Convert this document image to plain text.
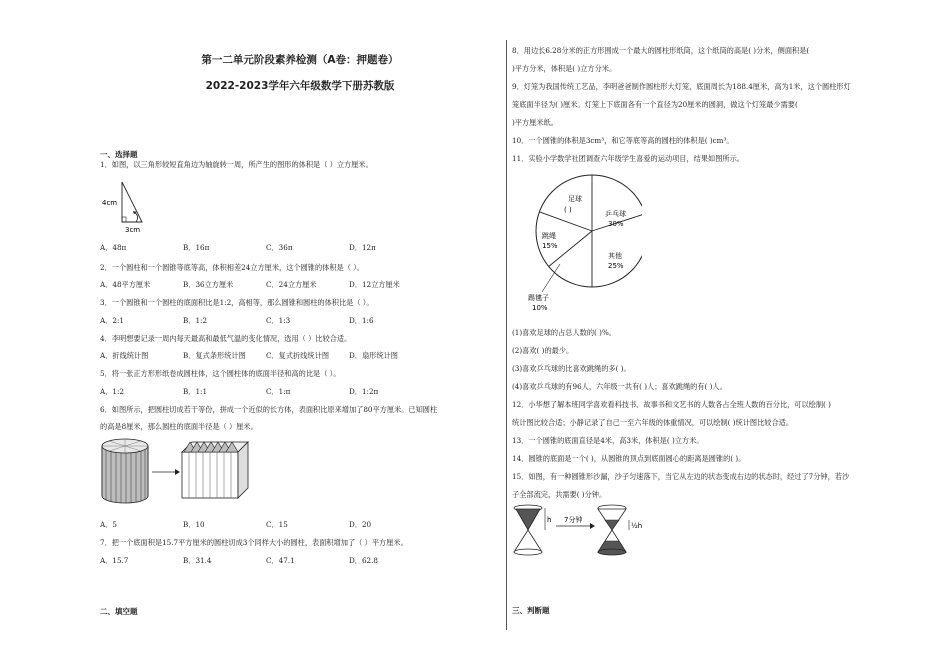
第一二单元阶段素养检测（A卷：押题卷）
2022-2023学年六年级数学下册苏教版
一、选择题
1．如图，以三角形较短直角边为轴旋转一周，所产生的图形的体积是（ ）立方厘米。
4cm
3cm
A．48π	B．16π	C．36π	D．12π
2．一个圆柱和一个圆锥等底等高，体积相差24立方厘米，这个圆锥的体积是（ ）。
A．48平方厘米	B．36立方厘米	C．24立方厘米	D．12立方厘米
3．一个圆锥和一个圆柱的底面积比是1:2，高相等，那么圆锥和圆柱的体积比是（ ）。
A．2:1	B．1:2	C．1:3	D．1:6
4．李明想要记录一周内每天最高和最低气温的变化情况，选用（ ）比较合适。
A．折线统计图	B．复式条形统计图	C．复式折线统计图	D．扇形统计图
5．将一张正方形形纸卷成圆柱体，这个圆柱体的底面半径和高的比是（ ）。
A．1:2	B．1:1	C．1:π	D．1:2π
6．如图所示，把圆柱切成若干等份，拼成一个近似的长方体，表面积比原来增加了80平方厘米。已知圆柱
的高是8厘米，那么圆柱的底面半径是（ ）厘米。
A．5	B．10	C．15	D．20
7．把一个底面积是15.7平方厘米的圆柱切成3个同样大小的圆柱，表面积增加了（ ）平方厘米。
A．15.7	B．31.4	C．47.1	D．62.8
二、填空题
8．用边长6.28分米的正方形围成一个最大的圆柱形纸筒，这个纸筒的高是( )分米，侧面积是(
)平方分米，体积是( )立方分米。
9．灯笼为我国传统工艺品，李明爸爸制作圆柱形大灯笼，底面周长为188.4厘米，高为1米，这个圆柱形灯
笼底面半径为( )厘米。灯笼上下底面各有一个直径为20厘米的圆洞，做这个灯笼最少需要(
)平方厘米纸。
10．一个圆锥的体积是3cm³，和它等底等高的圆柱的体积是( )cm³。
11．实验小学数学社团调查六年级学生喜爱的运动项目，结果如图所示。
足球
( )	乒乓球
30%
跳绳
15%
其他
25%
踢毽子
10%
(1)喜欢足球的占总人数的( )%。
(2)喜欢( )的最少。
(3)喜欢乒乓球的比喜欢跳绳的多( )。
(4)喜欢乒乓球的有96人，六年级一共有( )人；喜欢跳绳的有( )人。
12．小华想了解本班同学喜欢看科技书、故事书和文艺书的人数各占全班人数的百分比，可以绘制( )
统计图比较合适；小静记录了自己一至六年级的体重情况，可以绘制( )统计图比较合适。
13．一个圆锥的底面直径是4米，高3米，体积是( )立方米。
14．圆锥的底面是一个( )，从圆锥的顶点到底面圆心的距离是圆锥的( )。
15．如图，有一种圆锥形沙漏，沙子匀速落下，当它从左边的状态变成右边的状态时，经过了7分钟，若沙
子全部流完，共需要( )分钟。
h 7分钟
½h
三、判断题
